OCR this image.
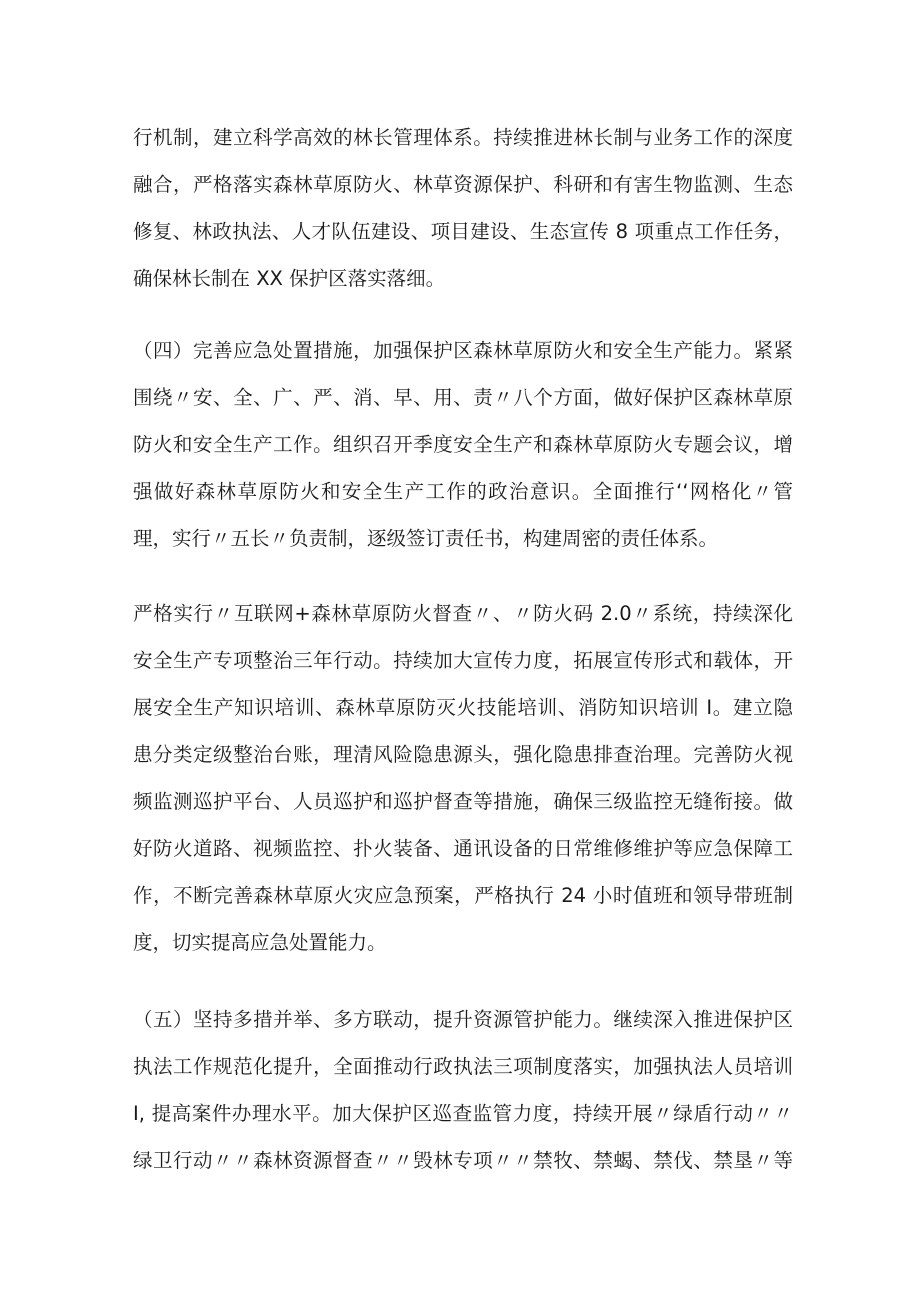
行机制，建立科学高效的林长管理体系。持续推进林长制与业务工作的深度
融合，严格落实森林草原防火、林草资源保护、科研和有害生物监测、生态
修复、林政执法、人才队伍建设、项目建设、生态宣传 8 项重点工作任务，
确保林长制在 XX 保护区落实落细。
（四）完善应急处置措施，加强保护区森林草原防火和安全生产能力。紧紧
围绕〃安、全、广、严、消、早、用、责〃八个方面，做好保护区森林草原
防火和安全生产工作。组织召开季度安全生产和森林草原防火专题会议，增
强做好森林草原防火和安全生产工作的政治意识。全面推行‘‘网格化〃管
理，实行〃五长〃负责制，逐级签订责任书，构建周密的责任体系。
严格实行〃互联网+森林草原防火督查〃、〃防火码 2.0〃系统，持续深化
安全生产专项整治三年行动。持续加大宣传力度，拓展宣传形式和载体，开
展安全生产知识培训、森林草原防灭火技能培训、消防知识培训 I。建立隐
患分类定级整治台账，理清风险隐患源头，强化隐患排查治理。完善防火视
频监测巡护平台、人员巡护和巡护督查等措施，确保三级监控无缝衔接。做
好防火道路、视频监控、扑火装备、通讯设备的日常维修维护等应急保障工
作，不断完善森林草原火灾应急预案，严格执行 24 小时值班和领导带班制
度，切实提高应急处置能力。
（五）坚持多措并举、多方联动，提升资源管护能力。继续深入推进保护区
执法工作规范化提升，全面推动行政执法三项制度落实，加强执法人员培训
I, 提高案件办理水平。加大保护区巡查监管力度，持续开展〃绿盾行动〃〃
绿卫行动〃〃森林资源督查〃〃毁林专项〃〃禁牧、禁蝎、禁伐、禁垦〃等
